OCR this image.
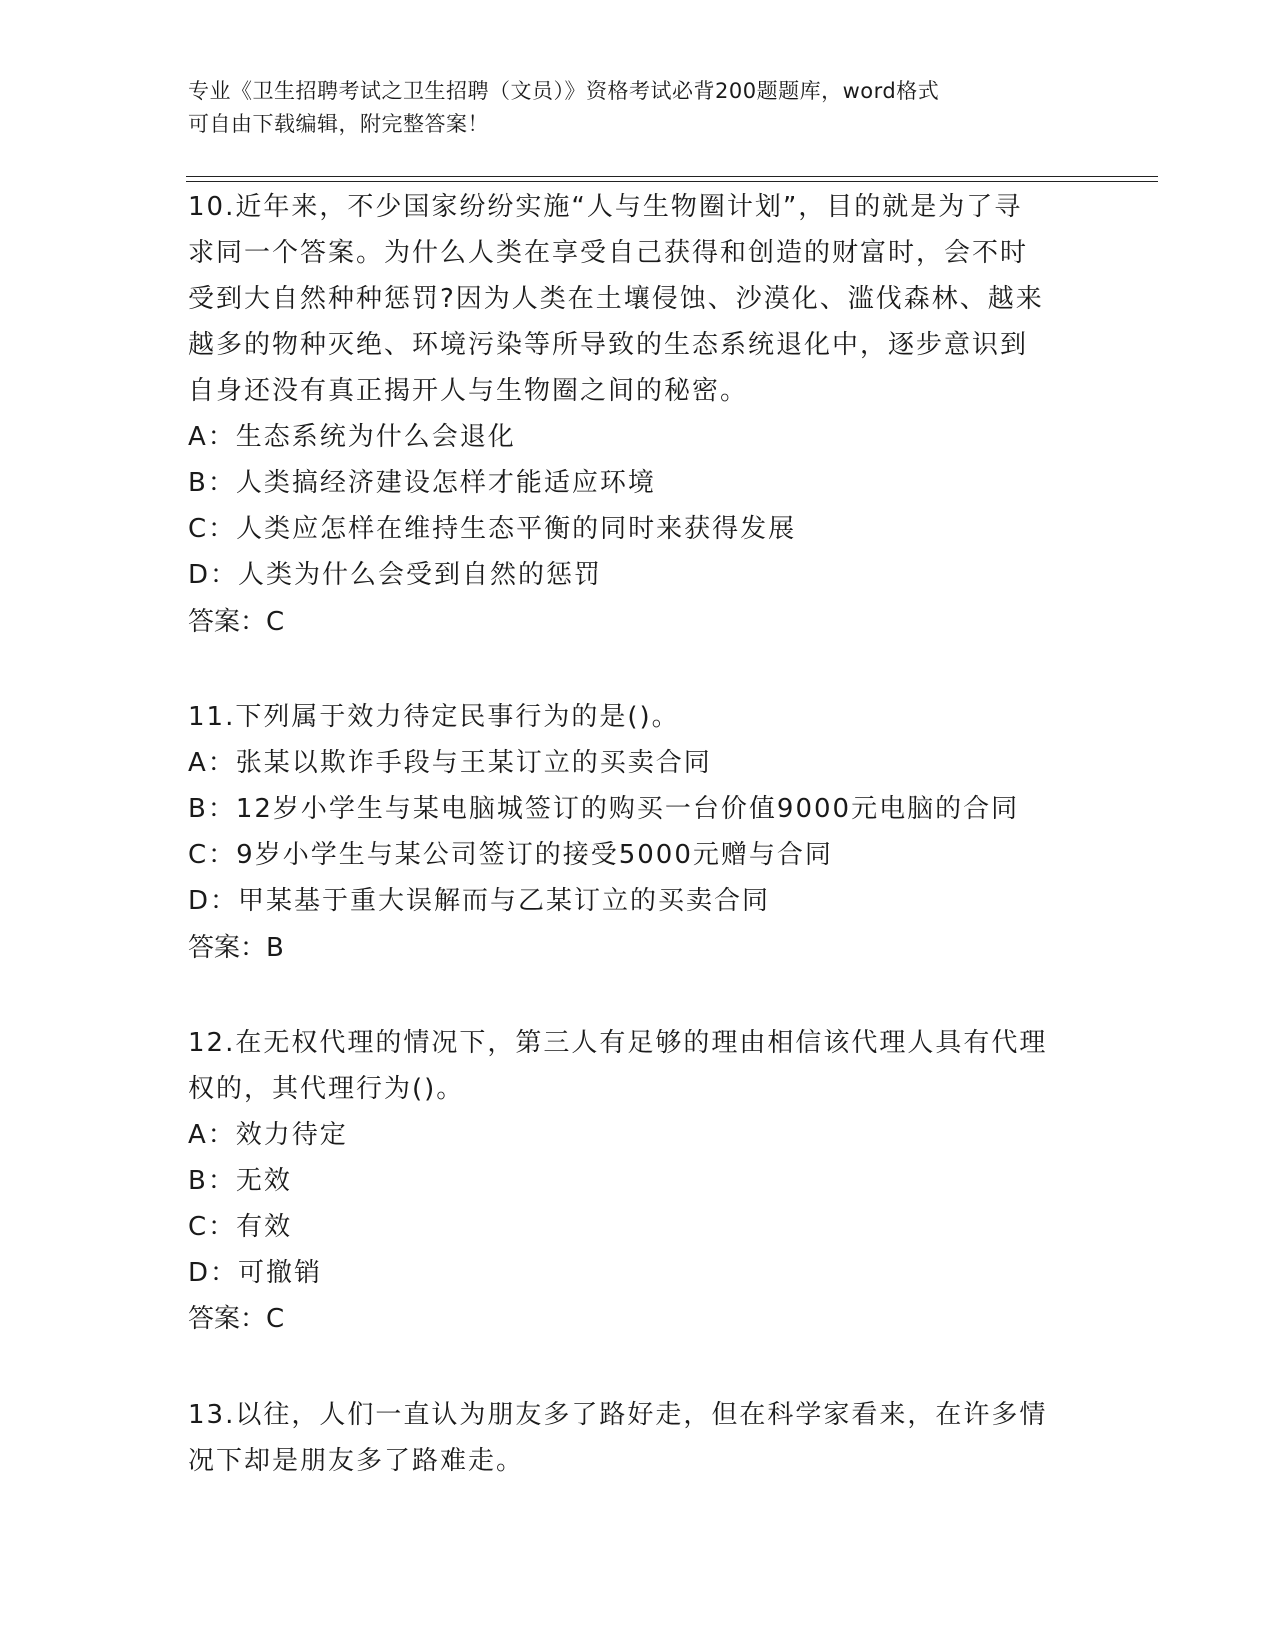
专业《卫生招聘考试之卫生招聘（文员）》资格考试必背200题题库，word格式
可自由下载编辑，附完整答案！
10.近年来，不少国家纷纷实施“人与生物圈计划”，目的就是为了寻
求同一个答案。为什么人类在享受自己获得和创造的财富时，会不时
受到大自然种种惩罚?因为人类在土壤侵蚀、沙漠化、滥伐森林、越来
越多的物种灭绝、环境污染等所导致的生态系统退化中，逐步意识到
自身还没有真正揭开人与生物圈之间的秘密。
A：生态系统为什么会退化
B：人类搞经济建设怎样才能适应环境
C：人类应怎样在维持生态平衡的同时来获得发展
D：人类为什么会受到自然的惩罚
答案：C
11.下列属于效力待定民事行为的是()。
A：张某以欺诈手段与王某订立的买卖合同
B：12岁小学生与某电脑城签订的购买一台价值9000元电脑的合同
C：9岁小学生与某公司签订的接受5000元赠与合同
D：甲某基于重大误解而与乙某订立的买卖合同
答案：B
12.在无权代理的情况下，第三人有足够的理由相信该代理人具有代理
权的，其代理行为()。
A：效力待定
B：无效
C：有效
D：可撤销
答案：C
13.以往，人们一直认为朋友多了路好走，但在科学家看来，在许多情
况下却是朋友多了路难走。
